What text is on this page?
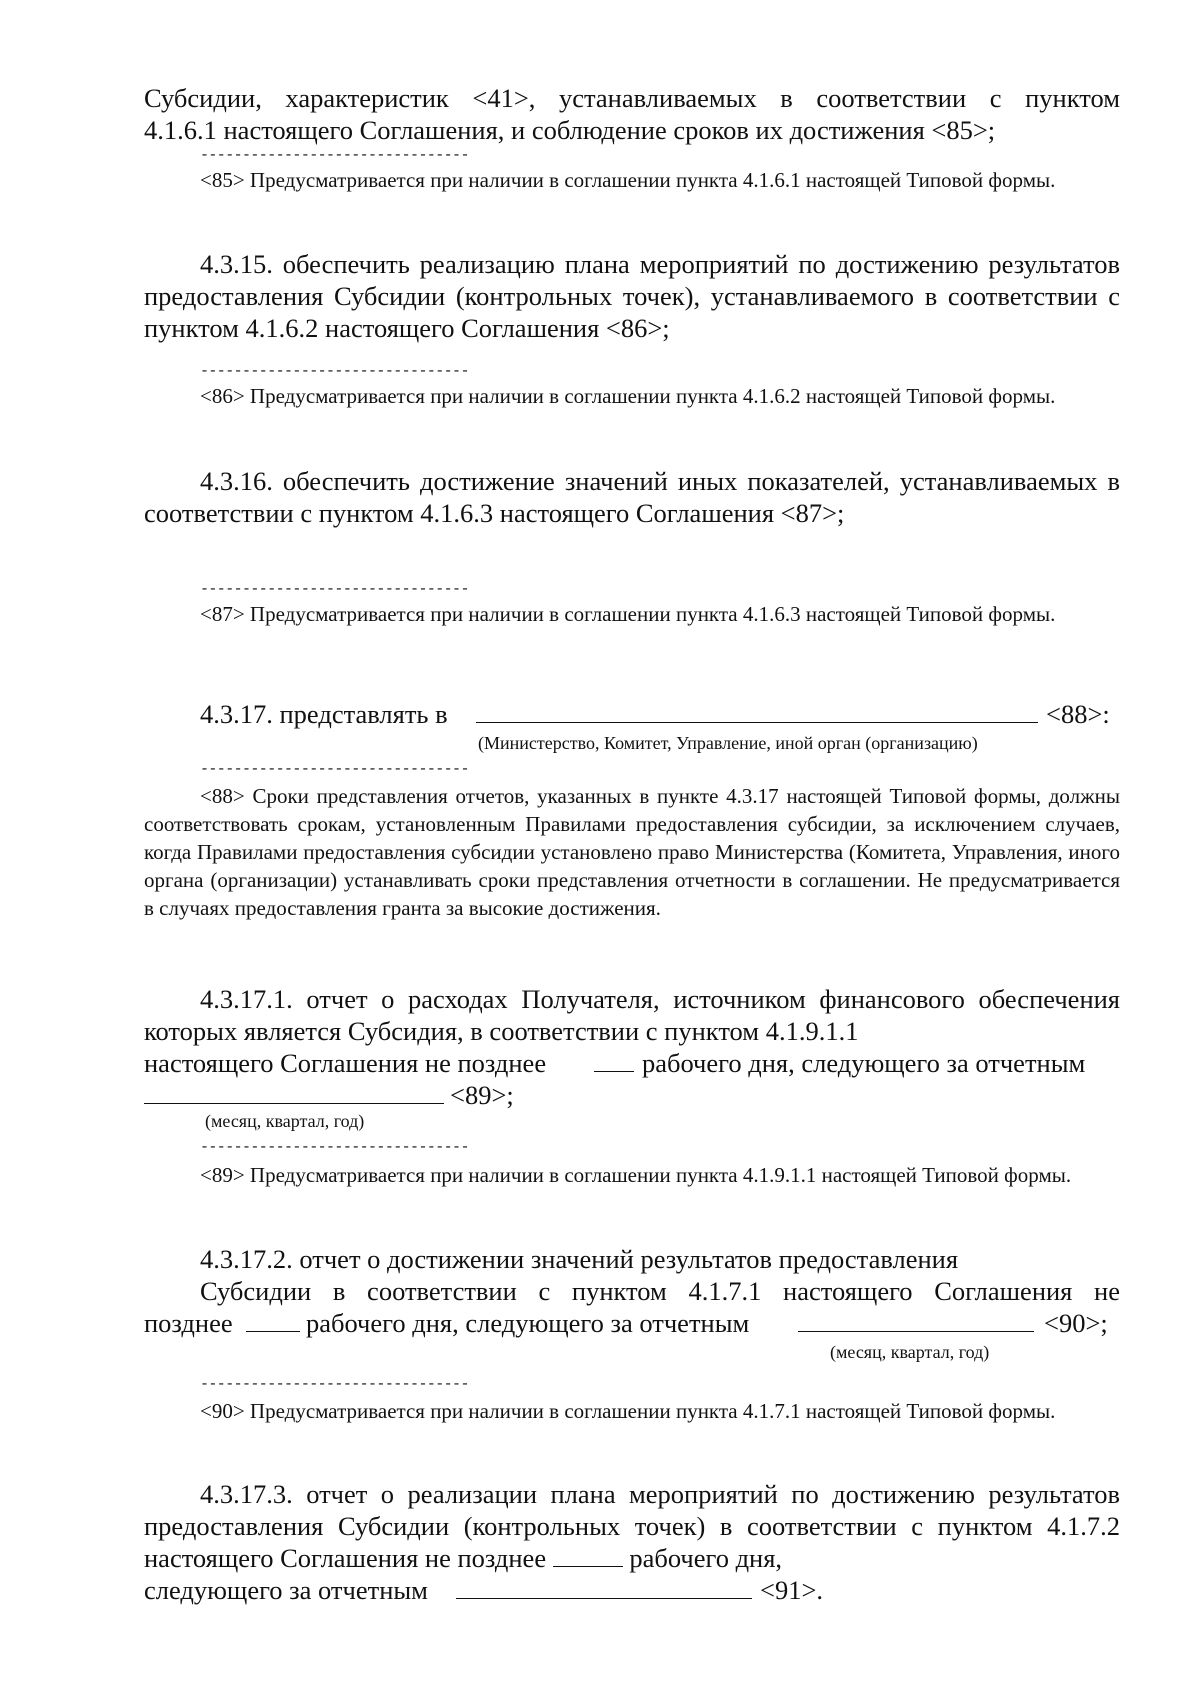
Субсидии, характеристик <41>, устанавливаемых в соответствии с пунктом

4.1.6.1 настоящего Соглашения, и соблюдение сроков их достижения <85>;

--------------------------------

<85> Предусматривается при наличии в соглашении пункта 4.1.6.1 настоящей Типовой формы.

4.3.15. обеспечить реализацию плана мероприятий по достижению результатов предоставления Субсидии (контрольных точек), устанавливаемого в соответствии с пунктом 4.1.6.2 настоящего Соглашения <86>;

--------------------------------

<86> Предусматривается при наличии в соглашении пункта 4.1.6.2 настоящей Типовой формы.

4.3.16. обеспечить достижение значений иных показателей, устанавливаемых в соответствии с пунктом 4.1.6.3 настоящего Соглашения <87>;

--------------------------------

<87> Предусматривается при наличии в соглашении пункта 4.1.6.3 настоящей Типовой формы.

4.3.17. представлять в	<88>:

(Министерство, Комитет, Управление, иной орган (организацию)

--------------------------------

<88> Сроки представления отчетов, указанных в пункте 4.3.17 настоящей Типовой формы, должны соответствовать срокам, установленным Правилами предоставления субсидии, за исключением случаев, когда Правилами предоставления субсидии установлено право Министерства (Комитета, Управления, иного органа (организации) устанавливать сроки представления отчетности в соглашении. Не предусматривается в случаях предоставления гранта за высокие достижения.

4.3.17.1. отчет о расходах Получателя, источником финансового обеспечения которых является Субсидия, в соответствии с пунктом 4.1.9.1.1

настоящего Соглашения не позднее	рабочего дня, следующего за отчетным

<89>;

(месяц, квартал, год)

--------------------------------

<89> Предусматривается при наличии в соглашении пункта 4.1.9.1.1 настоящей Типовой формы.

4.3.17.2. отчет о достижении значений результатов предоставления

Субсидии в соответствии с пунктом 4.1.7.1 настоящего Соглашения не

позднее	рабочего дня, следующего за отчетным	<90>;

(месяц, квартал, год)

--------------------------------

<90> Предусматривается при наличии в соглашении пункта 4.1.7.1 настоящей Типовой формы.

4.3.17.3. отчет о реализации плана мероприятий по достижению результатов предоставления Субсидии (контрольных точек) в соответствии с пунктом 4.1.7.2 настоящего Соглашения не позднее	рабочего дня,

следующего за отчетным	<91>.
